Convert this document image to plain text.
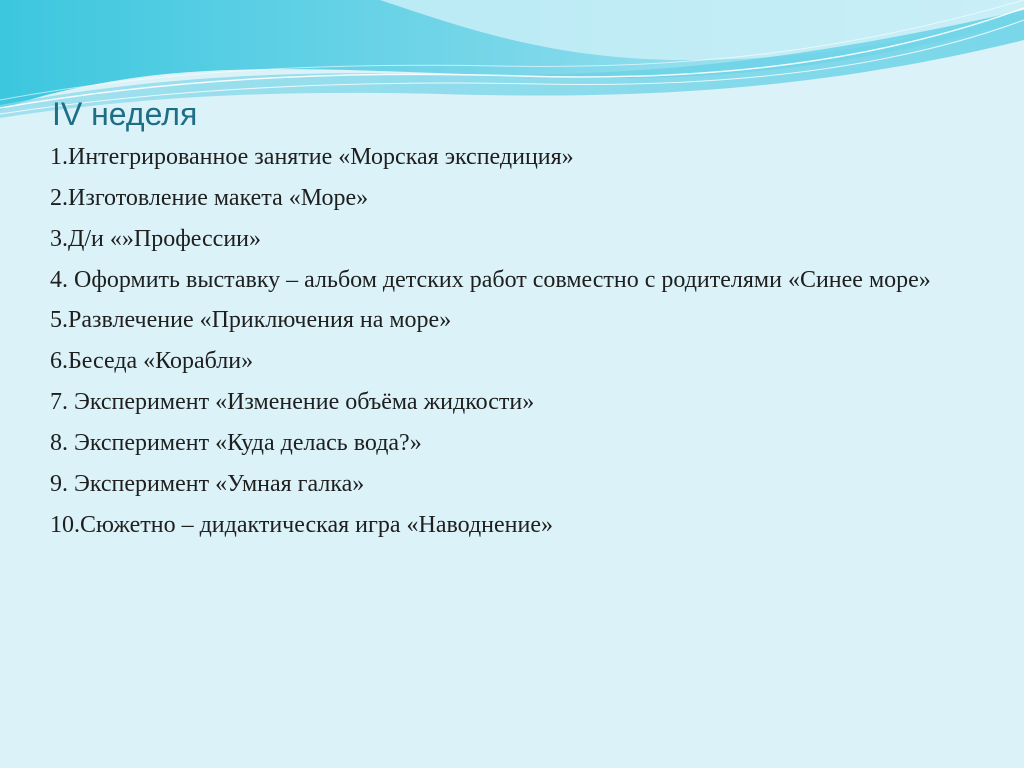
IV неделя
1.Интегрированное занятие «Морская экспедиция»
2.Изготовление макета «Море»
3.Д/и «»Профессии»
4. Оформить выставку – альбом детских работ совместно с родителями «Синее море»
5.Развлечение «Приключения на море»
6.Беседа «Корабли»
7. Эксперимент «Изменение объёма жидкости»
8. Эксперимент «Куда делась вода?»
9. Эксперимент «Умная галка»
10.Сюжетно – дидактическая игра «Наводнение»
